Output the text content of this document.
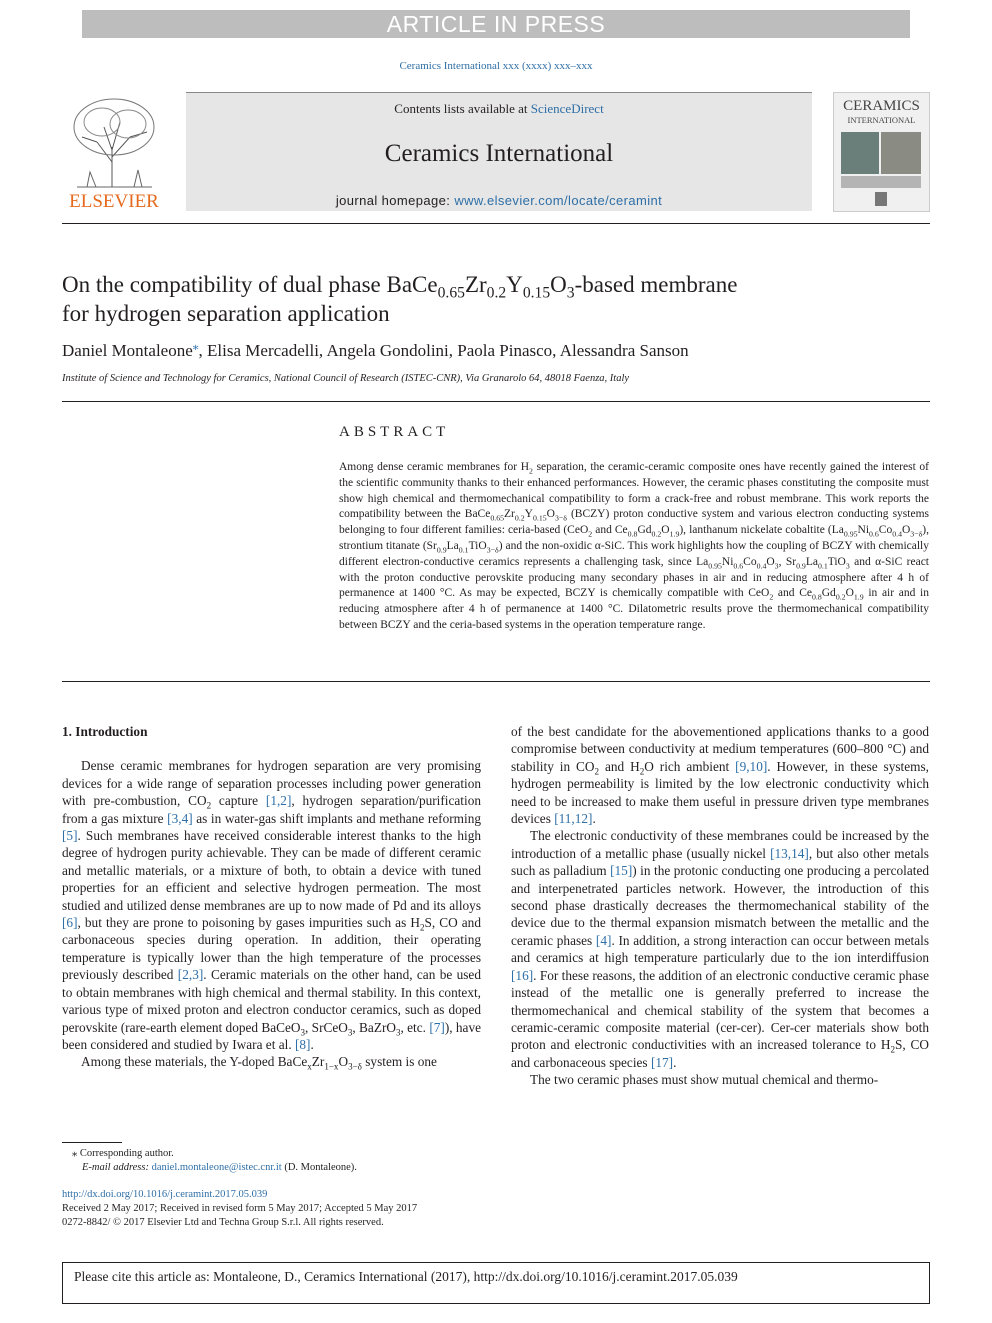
ARTICLE IN PRESS
Ceramics International xxx (xxxx) xxx–xxx
ELSEVIER
Contents lists available at ScienceDirect
Ceramics International
journal homepage: www.elsevier.com/locate/ceramint
CERAMICS
INTERNATIONAL
On the compatibility of dual phase $BaCe_{0.65}Zr_{0.2}Y_{0.15}O_3$-based membrane
for hydrogen separation application
Daniel Montaleone⁎, Elisa Mercadelli, Angela Gondolini, Paola Pinasco, Alessandra Sanson
Institute of Science and Technology for Ceramics, National Council of Research (ISTEC-CNR), Via Granarolo 64, 48018 Faenza, Italy
ABSTRACT
Among dense ceramic membranes for $H_2$ separation, the ceramic-ceramic composite ones have recently gained the interest of the scientific community thanks to their enhanced performances. However, the ceramic phases constituting the composite must show high chemical and thermomechanical compatibility to form a crack-free and robust membrane. This work reports the compatibility between the $BaCe_{0.65}Zr_{0.2}Y_{0.15}O_{3-\delta}$ (BCZY) proton conductive system and various electron conducting systems belonging to four different families: ceria-based (CeO$_2$ and $Ce_{0.8}Gd_{0.2}O_{1.9}$), lanthanum nickelate cobaltite $(La_{0.95}Ni_{0.6}Co_{0.4}O_{3-\delta})$, strontium titanate $(Sr_{0.9}La_{0.1}TiO_{3-\delta})$ and the non-oxidic α-SiC. This work highlights how the coupling of BCZY with chemically different electron-conductive ceramics represents a challenging task, since $La_{0.95}Ni_{0.6}Co_{0.4}O_3$, $Sr_{0.9}La_{0.1}TiO_3$ and α-SiC react with the proton conductive perovskite producing many secondary phases in air and in reducing atmosphere after 4 h of permanence at 1400 °C. As may be expected, BCZY is chemically compatible with CeO$_2$ and $Ce_{0.8}Gd_{0.2}O_{1.9}$ in air and in reducing atmosphere after 4 h of permanence at 1400 °C. Dilatometric results prove the thermomechanical compatibility between BCZY and the ceria-based systems in the operation temperature range.
1. Introduction

Dense ceramic membranes for hydrogen separation are very promising devices for a wide range of separation processes including power generation with pre-combustion, $CO_2$ capture [1,2], hydrogen separation/purification from a gas mixture [3,4] as in water-gas shift implants and methane reforming [5]. Such membranes have received considerable interest thanks to the high degree of hydrogen purity achievable. They can be made of different ceramic and metallic materials, or a mixture of both, to obtain a device with tuned properties for an efficient and selective hydrogen permeation. The most studied and utilized dense membranes are up to now made of Pd and its alloys [6], but they are prone to poisoning by gases impurities such as $H_2S$, CO and carbonaceous species during operation. In addition, their operating temperature is typically lower than the high temperature of the processes previously described [2,3]. Ceramic materials on the other hand, can be used to obtain membranes with high chemical and thermal stability. In this context, various type of mixed proton and electron conductor ceramics, such as doped perovskite (rare-earth element doped BaCeO$_3$, SrCeO$_3$, BaZrO$_3$, etc. [7]), have been considered and studied by Iwara et al. [8].

Among these materials, the Y-doped $BaCe_xZr_{1-x}O_{3-\delta}$ system is one

of the best candidate for the abovementioned applications thanks to a good compromise between conductivity at medium temperatures (600–800 °C) and stability in $CO_2$ and $H_2O$ rich ambient [9,10]. However, in these systems, hydrogen permeability is limited by the low electronic conductivity which need to be increased to make them useful in pressure driven type membranes devices [11,12].

The electronic conductivity of these membranes could be increased by the introduction of a metallic phase (usually nickel [13,14], but also other metals such as palladium [15]) in the protonic conducting one producing a percolated and interpenetrated particles network. However, the introduction of this second phase drastically decreases the thermomechanical stability of the device due to the thermal expansion mismatch between the metallic and the ceramic phases [4]. In addition, a strong interaction can occur between metals and ceramics at high temperature particularly due to the ion interdiffusion [16]. For these reasons, the addition of an electronic conductive ceramic phase instead of the metallic one is generally preferred to increase the thermomechanical and chemical stability of the system that becomes a ceramic-ceramic composite material (cer-cer). Cer-cer materials show both proton and electronic conductivities with an increased tolerance to $H_2S$, CO and carbonaceous species [17].

The two ceramic phases must show mutual chemical and thermo-

⁎ Corresponding author.
E-mail address: daniel.montaleone@istec.cnr.it (D. Montaleone).
http://dx.doi.org/10.1016/j.ceramint.2017.05.039
Received 2 May 2017; Received in revised form 5 May 2017; Accepted 5 May 2017
0272-8842/ © 2017 Elsevier Ltd and Techna Group S.r.l. All rights reserved.
Please cite this article as: Montaleone, D., Ceramics International (2017), http://dx.doi.org/10.1016/j.ceramint.2017.05.039
